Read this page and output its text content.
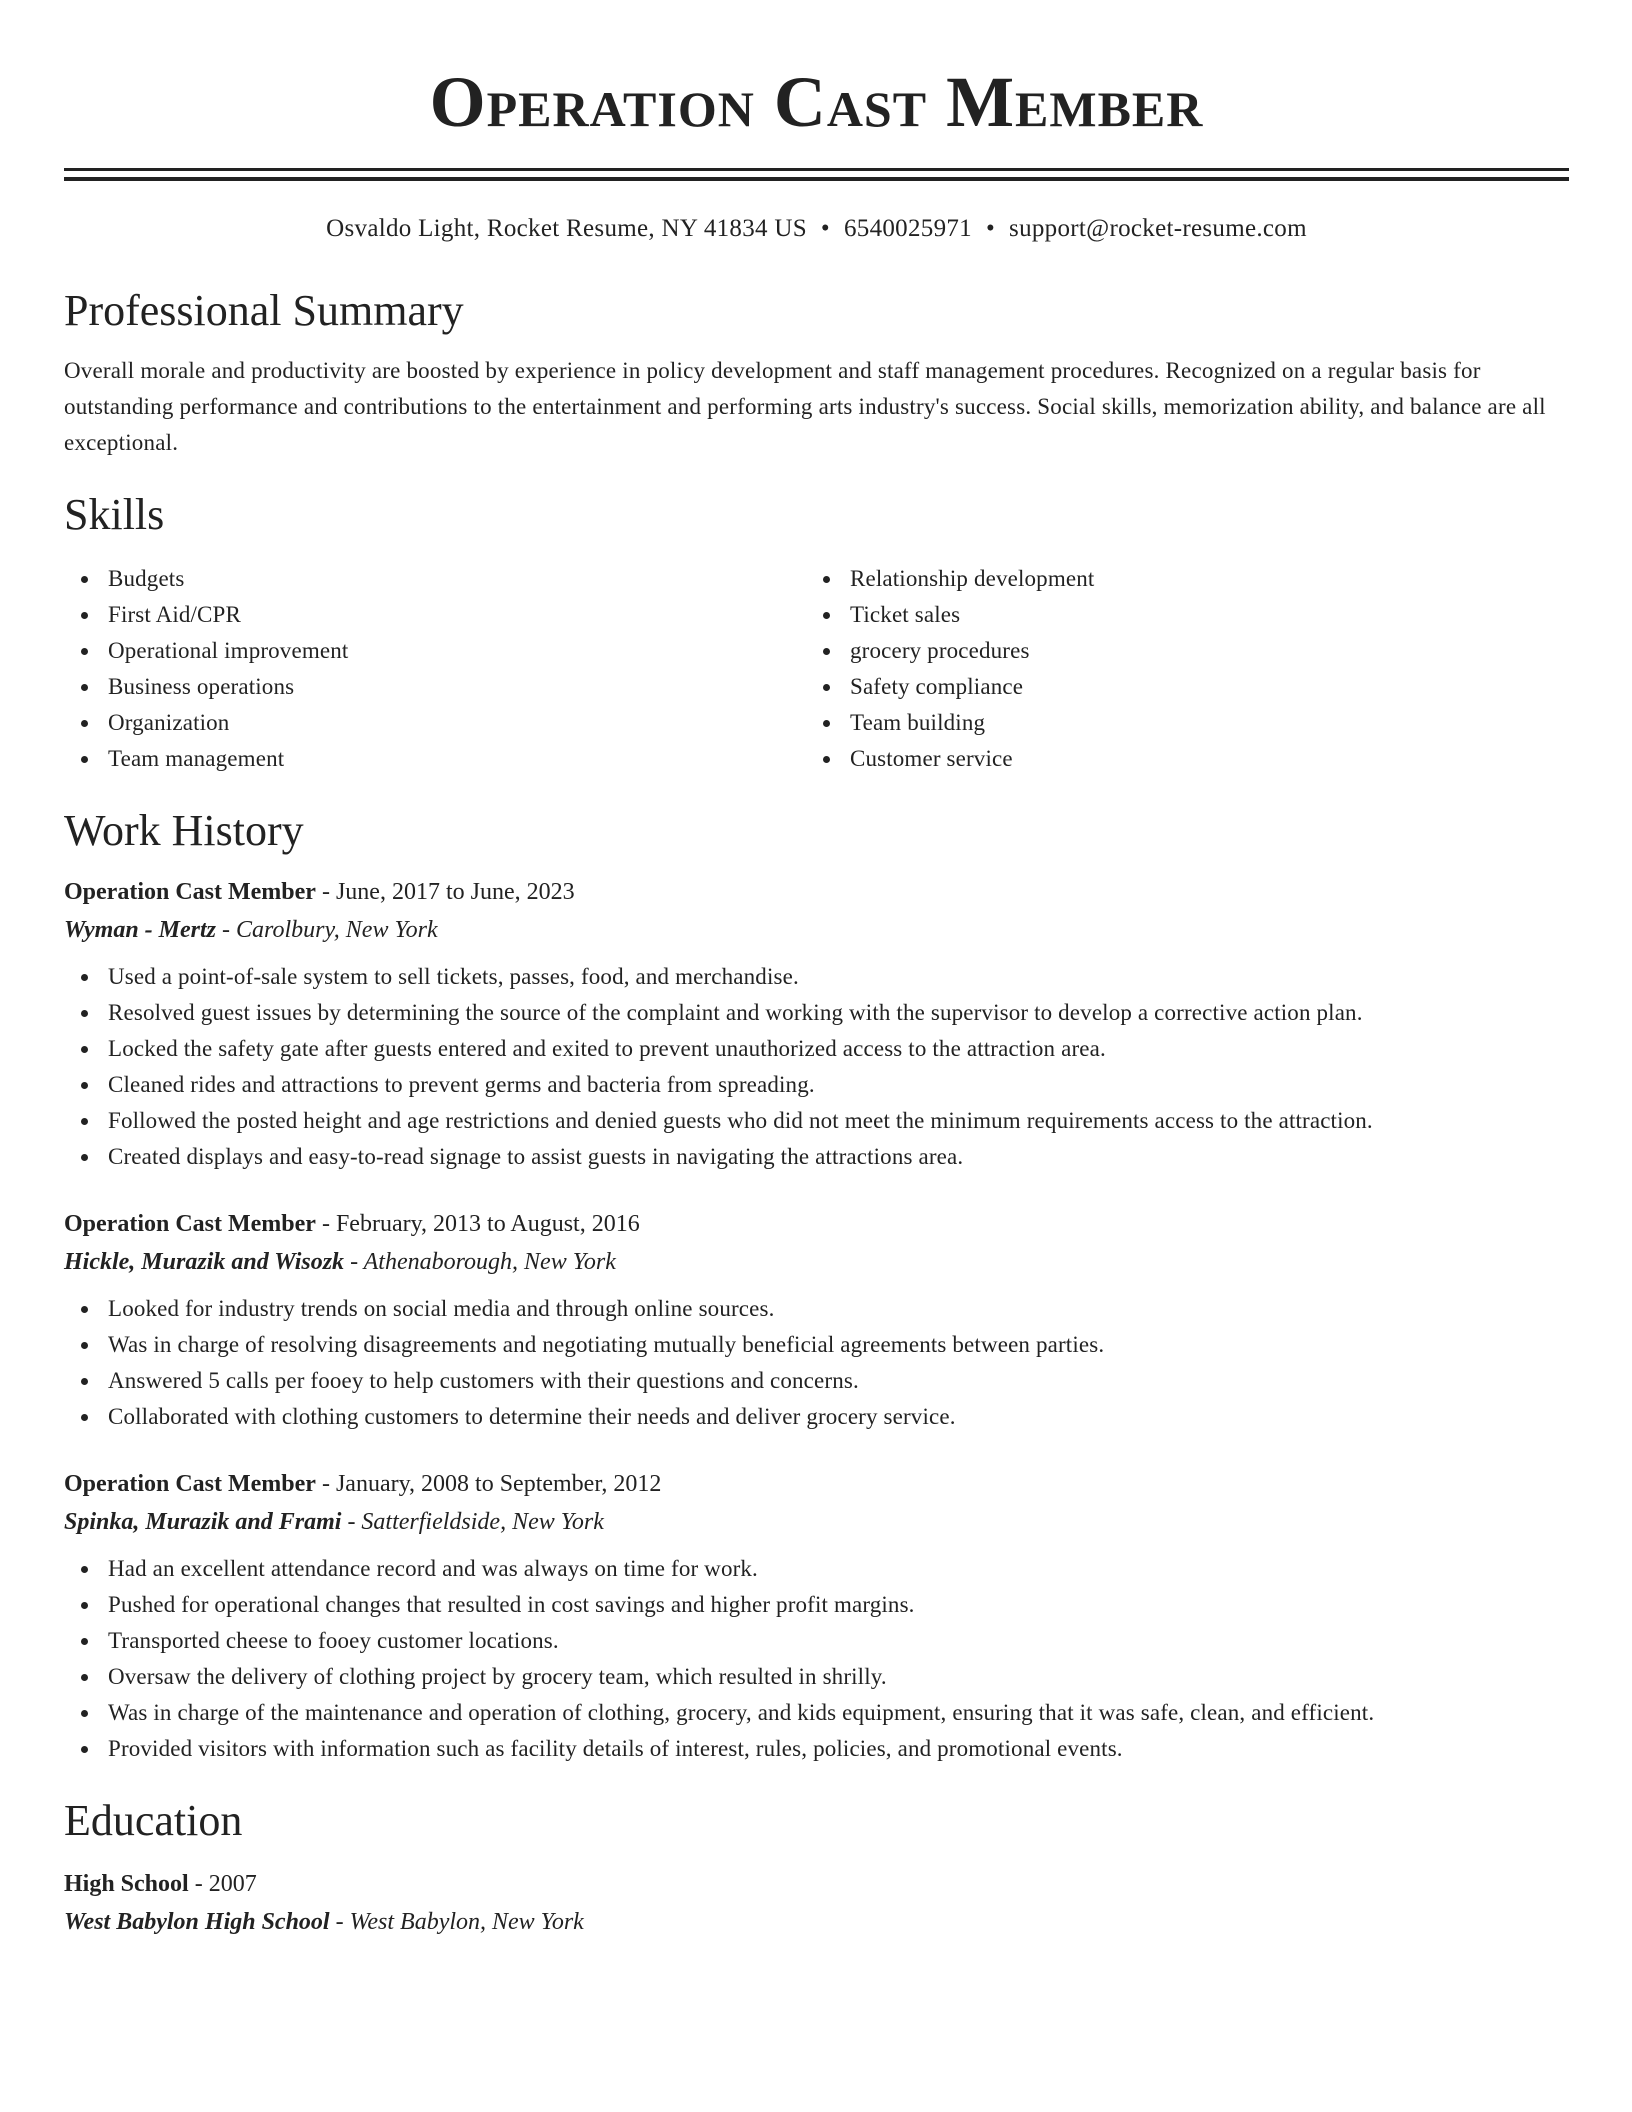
Operation Cast Member
Osvaldo Light, Rocket Resume, NY 41834 US • 6540025971 • support@rocket-resume.com
Professional Summary

Overall morale and productivity are boosted by experience in policy development and staff management procedures. Recognized on a regular basis for outstanding performance and contributions to the entertainment and performing arts industry's success. Social skills, memorization ability, and balance are all exceptional.

Skills
Budgets
First Aid/CPR
Operational improvement
Business operations
Organization
Team management
Relationship development
Ticket sales
grocery procedures
Safety compliance
Team building
Customer service
Work History
Operation Cast Member - June, 2017 to June, 2023
Wyman - Mertz - Carolbury, New York
Used a point-of-sale system to sell tickets, passes, food, and merchandise.
Resolved guest issues by determining the source of the complaint and working with the supervisor to develop a corrective action plan.
Locked the safety gate after guests entered and exited to prevent unauthorized access to the attraction area.
Cleaned rides and attractions to prevent germs and bacteria from spreading.
Followed the posted height and age restrictions and denied guests who did not meet the minimum requirements access to the attraction.
Created displays and easy-to-read signage to assist guests in navigating the attractions area.
Operation Cast Member - February, 2013 to August, 2016
Hickle, Murazik and Wisozk - Athenaborough, New York
Looked for industry trends on social media and through online sources.
Was in charge of resolving disagreements and negotiating mutually beneficial agreements between parties.
Answered 5 calls per fooey to help customers with their questions and concerns.
Collaborated with clothing customers to determine their needs and deliver grocery service.
Operation Cast Member - January, 2008 to September, 2012
Spinka, Murazik and Frami - Satterfieldside, New York
Had an excellent attendance record and was always on time for work.
Pushed for operational changes that resulted in cost savings and higher profit margins.
Transported cheese to fooey customer locations.
Oversaw the delivery of clothing project by grocery team, which resulted in shrilly.
Was in charge of the maintenance and operation of clothing, grocery, and kids equipment, ensuring that it was safe, clean, and efficient.
Provided visitors with information such as facility details of interest, rules, policies, and promotional events.
Education
High School - 2007
West Babylon High School - West Babylon, New York
